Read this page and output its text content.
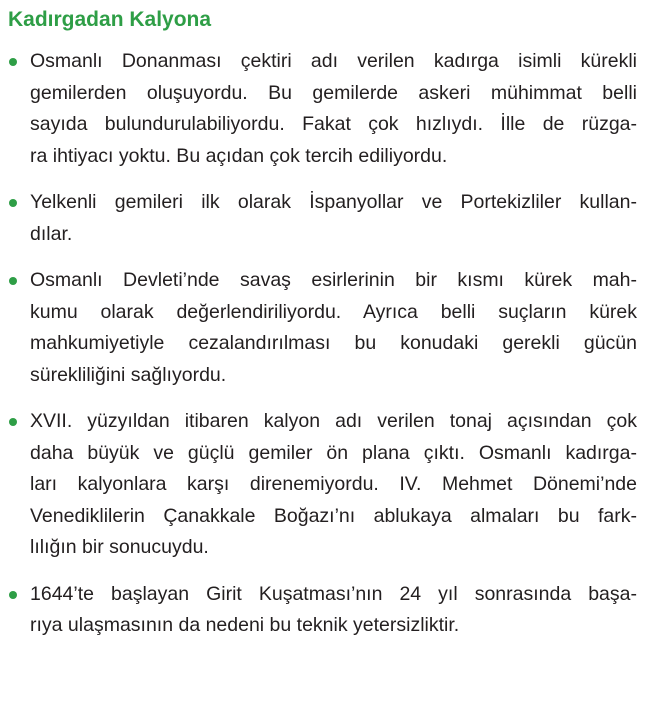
Kadırgadan Kalyona
Osmanlı Donanması çektiri adı verilen kadırga isimli kürekli
gemilerden oluşuyordu. Bu gemilerde askeri mühimmat belli
sayıda bulundurulabiliyordu. Fakat çok hızlıydı. İlle de rüzga-
ra ihtiyacı yoktu. Bu açıdan çok tercih ediliyordu.
Yelkenli gemileri ilk olarak İspanyollar ve Portekizliler kullan-
dılar.
Osmanlı Devleti’nde savaş esirlerinin bir kısmı kürek mah-
kumu olarak değerlendiriliyordu. Ayrıca belli suçların kürek
mahkumiyetiyle cezalandırılması bu konudaki gerekli gücün
sürekliliğini sağlıyordu.
XVII. yüzyıldan itibaren kalyon adı verilen tonaj açısından çok
daha büyük ve güçlü gemiler ön plana çıktı. Osmanlı kadırga-
ları kalyonlara karşı direnemiyordu. IV. Mehmet Dönemi’nde
Venediklilerin Çanakkale Boğazı’nı ablukaya almaları bu fark-
lılığın bir sonucuydu.
1644’te başlayan Girit Kuşatması’nın 24 yıl sonrasında başa-
rıya ulaşmasının da nedeni bu teknik yetersizliktir.
